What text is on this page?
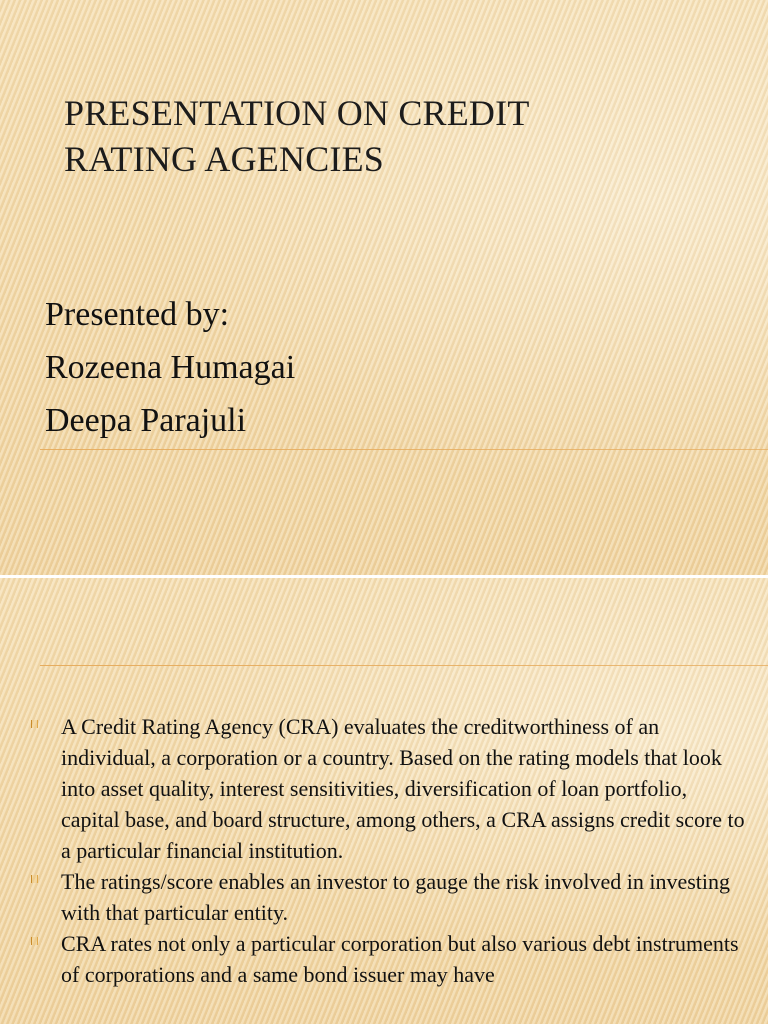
PRESENTATION ON CREDIT
RATING AGENCIES
Presented by:
Rozeena Humagai
Deepa Parajuli
A Credit Rating Agency (CRA) evaluates the creditworthiness of an individual, a corporation or a country. Based on the rating models that look into asset quality, interest sensitivities, diversification of loan portfolio, capital base, and board structure, among others, a CRA assigns credit score to a particular financial institution.
The ratings/score enables an investor to gauge the risk involved in investing with that particular entity.
CRA rates not only a particular corporation but also various debt instruments of corporations and a same bond issuer may have
